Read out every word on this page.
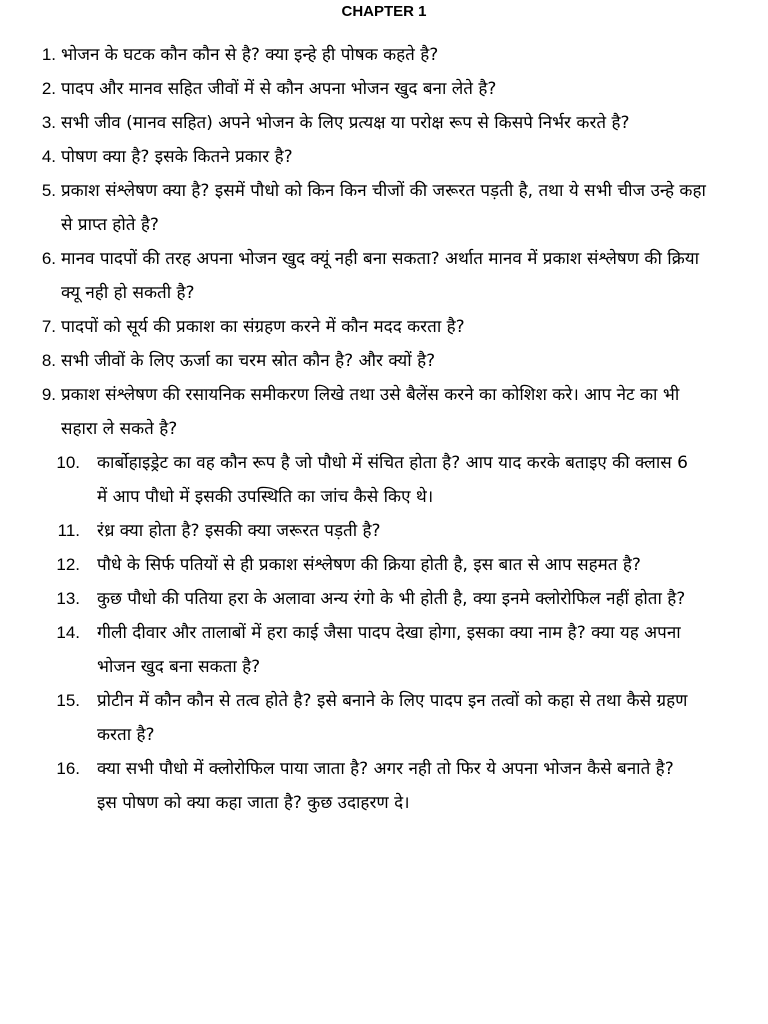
CHAPTER 1
1. भोजन के घटक कौन कौन से है? क्या इन्हे ही पोषक कहते है?
2. पादप और मानव सहित जीवों में से कौन अपना भोजन खुद बना लेते है?
3. सभी जीव (मानव सहित) अपने भोजन के लिए प्रत्यक्ष या परोक्ष रूप से किसपे निर्भर करते है?
4. पोषण क्या है? इसके कितने प्रकार है?
5. प्रकाश संश्लेषण क्या है? इसमें पौधो को किन किन चीजों की जरूरत पड़ती है, तथा ये सभी चीज उन्हे कहा से प्राप्त होते है?
6. मानव पादपों की तरह अपना भोजन खुद क्यूं नही बना सकता? अर्थात मानव में प्रकाश संश्लेषण की क्रिया क्यू नही हो सकती है?
7. पादपों को सूर्य की प्रकाश का संग्रहण करने में कौन मदद करता है?
8. सभी जीवों के लिए ऊर्जा का चरम स्रोत कौन है? और क्यों है?
9. प्रकाश संश्लेषण की रसायनिक समीकरण लिखे तथा उसे बैलेंस करने का कोशिश करे। आप नेट का भी सहारा ले सकते है?
10.	कार्बोहाइड्रेट का वह कौन रूप है जो पौधो में संचित होता है? आप याद करके बताइए की क्लास 6 में आप पौधो में इसकी उपस्थिति का जांच कैसे किए थे।
11.	रंध्र क्या होता है? इसकी क्या जरूरत पड़ती है?
12.	पौधे के सिर्फ पतियों से ही प्रकाश संश्लेषण की क्रिया होती है, इस बात से आप सहमत है?
13.	कुछ पौधो की पतिया हरा के अलावा अन्य रंगो के भी होती है, क्या इनमे क्लोरोफिल नहीं होता है?
14.	गीली दीवार और तालाबों में हरा काई जैसा पादप देखा होगा, इसका क्या नाम है? क्या यह अपना भोजन खुद बना सकता है?
15.	प्रोटीन में कौन कौन से तत्व होते है? इसे बनाने के लिए पादप इन तत्वों को कहा से तथा कैसे ग्रहण करता है?
16.	क्या सभी पौधो में क्लोरोफिल पाया जाता है? अगर नही तो फिर ये अपना भोजन कैसे बनाते है? इस पोषण को क्या कहा जाता है? कुछ उदाहरण दे।
